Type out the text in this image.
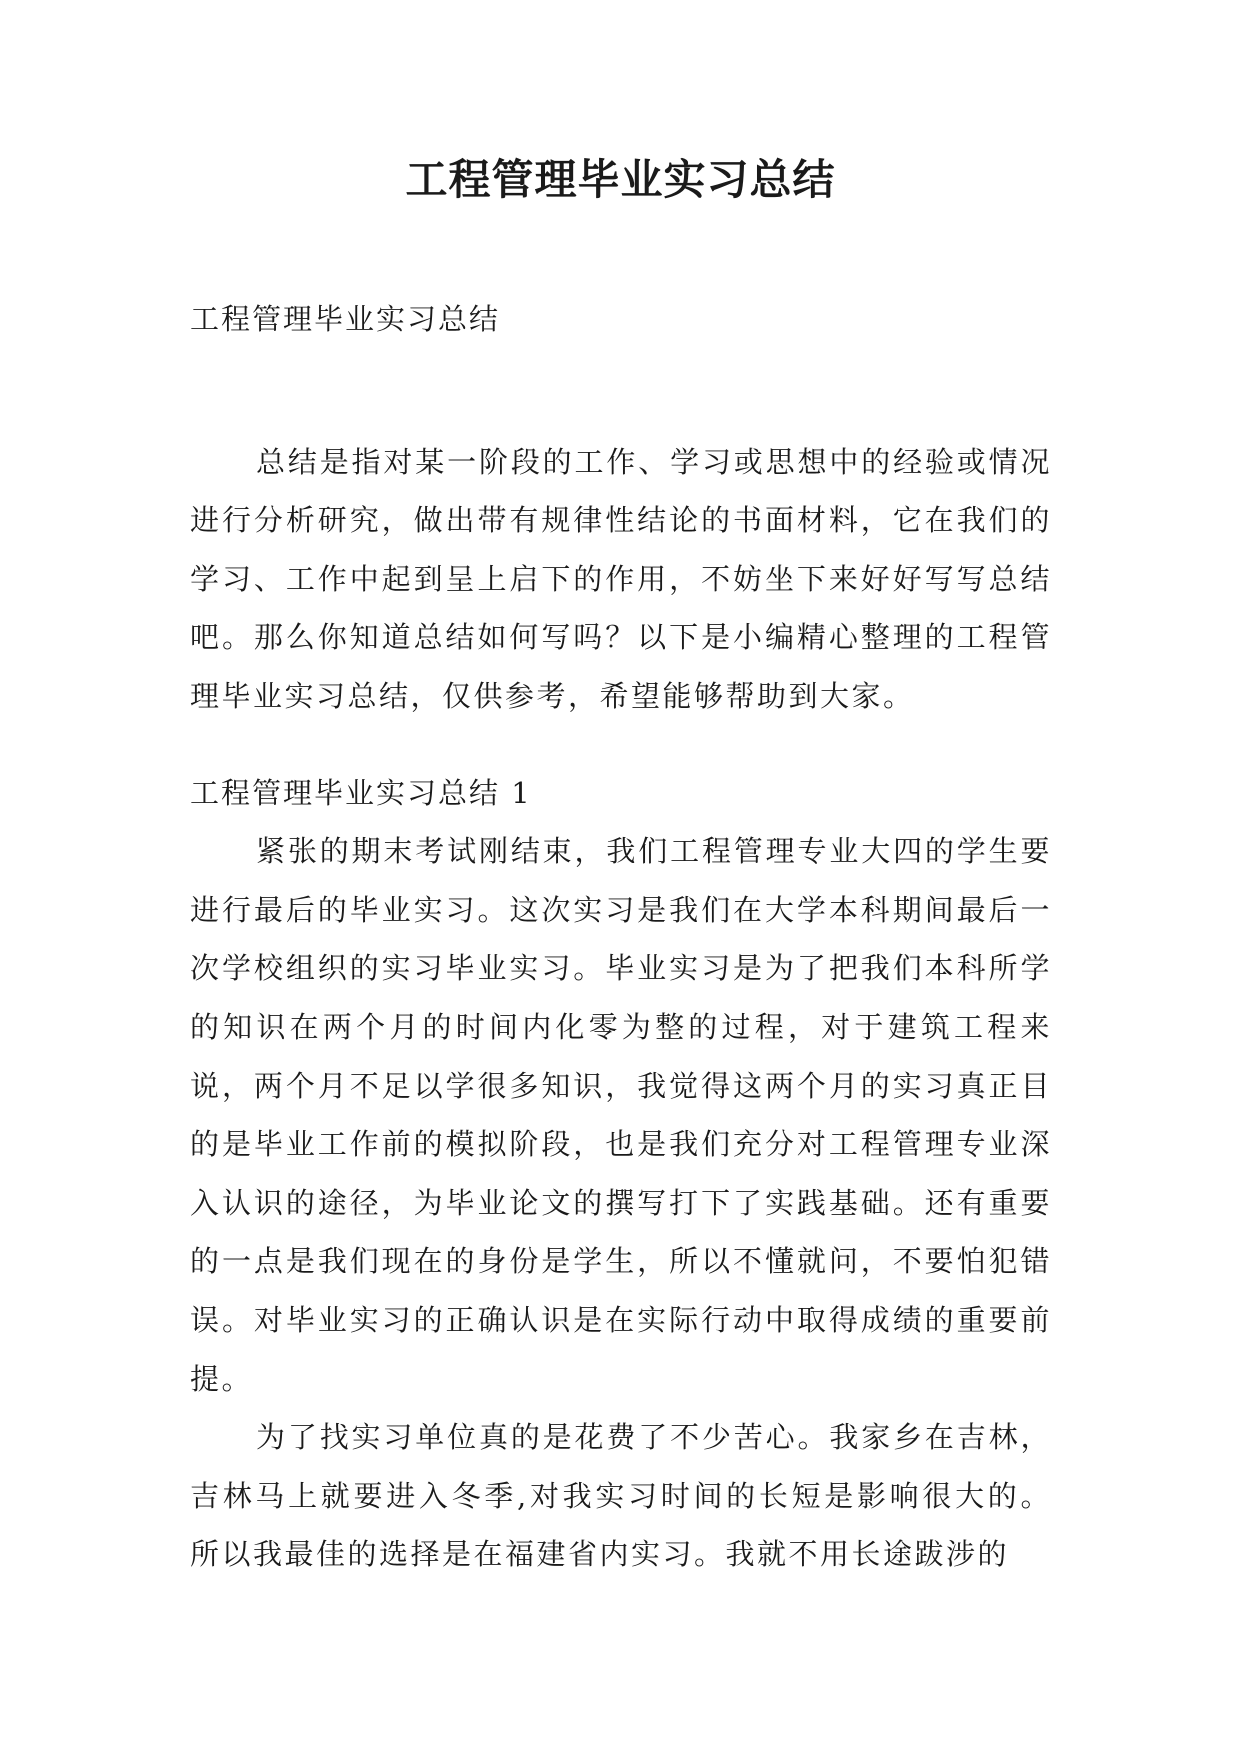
工程管理毕业实习总结

工程管理毕业实习总结

总结是指对某一阶段的工作、学习或思想中的经验或情况进行分析研究，做出带有规律性结论的书面材料，它在我们的学习、工作中起到呈上启下的作用，不妨坐下来好好写写总结吧。那么你知道总结如何写吗？以下是小编精心整理的工程管理毕业实习总结，仅供参考，希望能够帮助到大家。

工程管理毕业实习总结 1

紧张的期末考试刚结束，我们工程管理专业大四的学生要进行最后的毕业实习。这次实习是我们在大学本科期间最后一次学校组织的实习毕业实习。毕业实习是为了把我们本科所学的知识在两个月的时间内化零为整的过程，对于建筑工程来说，两个月不足以学很多知识，我觉得这两个月的实习真正目的是毕业工作前的模拟阶段，也是我们充分对工程管理专业深入认识的途径，为毕业论文的撰写打下了实践基础。还有重要的一点是我们现在的身份是学生，所以不懂就问，不要怕犯错误。对毕业实习的正确认识是在实际行动中取得成绩的重要前提。

为了找实习单位真的是花费了不少苦心。我家乡在吉林，吉林马上就要进入冬季,对我实习时间的长短是影响很大的。所以我最佳的选择是在福建省内实习。我就不用长途跋涉的
